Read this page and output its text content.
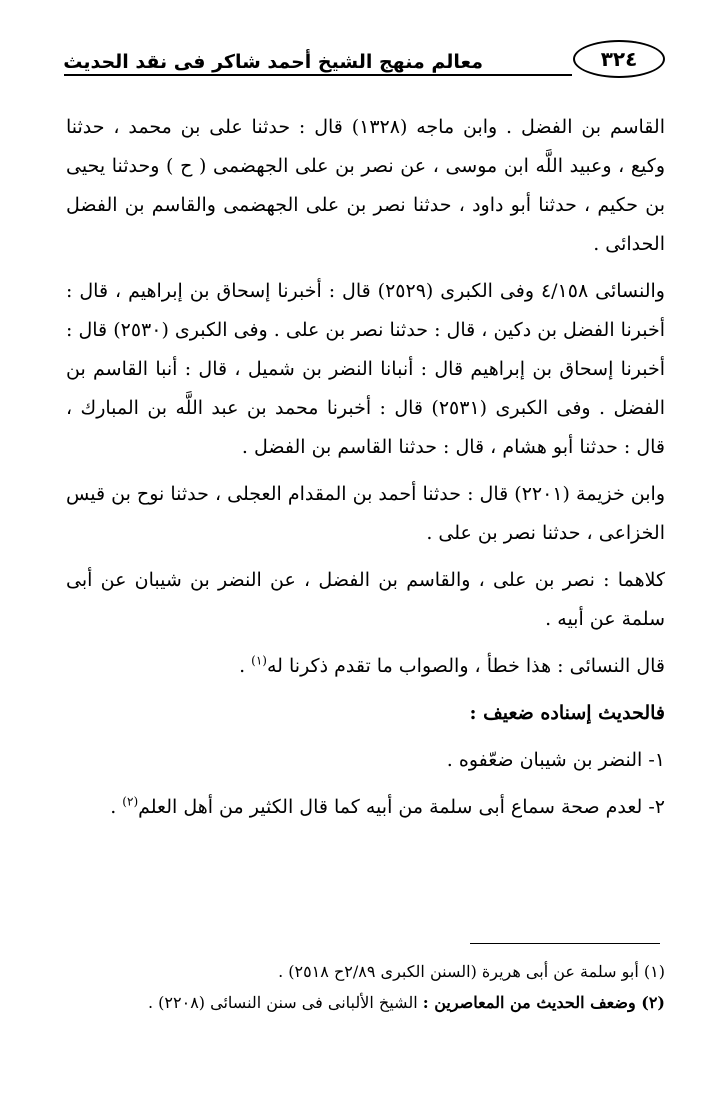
٣٢٤
معالم منهج الشيخ أحمد شاكر فى نقد الحديث

القاسم بن الفضل . وابن ماجه (١٣٢٨) قال : حدثنا على بن محمد ، حدثنا وكيع ، وعبيد اللَّه ابن موسى ، عن نصر بن على الجهضمى ( ح ) وحدثنا يحيى بن حكيم ، حدثنا أبو داود ، حدثنا نصر بن على الجهضمى والقاسم بن الفضل الحدائى .

والنسائى ٤/١٥٨ وفى الكبرى (٢٥٢٩) قال : أخبرنا إسحاق بن إبراهيم ، قال : أخبرنا الفضل بن دكين ، قال : حدثنا نصر بن على . وفى الكبرى (٢٥٣٠) قال : أخبرنا إسحاق بن إبراهيم قال : أنبانا النضر بن شميل ، قال : أنبا القاسم بن الفضل . وفى الكبرى (٢٥٣١) قال : أخبرنا محمد بن عبد اللَّه بن المبارك ، قال : حدثنا أبو هشام ، قال : حدثنا القاسم بن الفضل .

وابن خزيمة (٢٢٠١) قال : حدثنا أحمد بن المقدام العجلى ، حدثنا نوح بن قيس الخزاعى ، حدثنا نصر بن على .

كلاهما : نصر بن على ، والقاسم بن الفضل ، عن النضر بن شيبان عن أبى سلمة عن أبيه .

قال النسائى : هذا خطأ ، والصواب ما تقدم ذكرنا له$^{(١)}$ .

فالحديث إسناده ضعيف :

١- النضر بن شيبان ضعّفوه .

٢- لعدم صحة سماع أبى سلمة من أبيه كما قال الكثير من أهل العلم$^{(٢)}$ .

(١) أبو سلمة عن أبى هريرة (السنن الكبرى ٢/٨٩ح ٢٥١٨) .

(٢) وضعف الحديث من المعاصرين : الشيخ الألبانى فى سنن النسائى (٢٢٠٨) .
